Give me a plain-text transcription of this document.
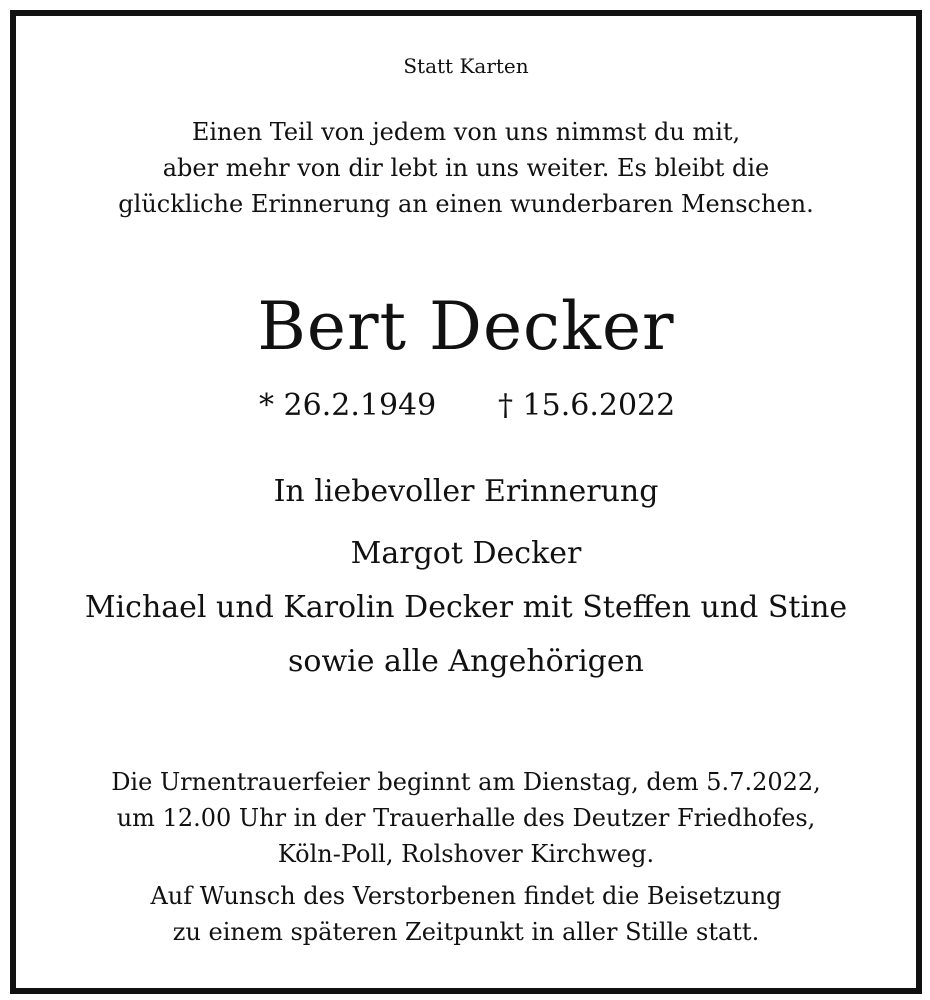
Statt Karten
Einen Teil von jedem von uns nimmst du mit,
aber mehr von dir lebt in uns weiter. Es bleibt die
glückliche Erinnerung an einen wunderbaren Menschen.
Bert Decker
* 26.2.1949 † 15.6.2022
In liebevoller Erinnerung
Margot Decker
Michael und Karolin Decker mit Steffen und Stine
sowie alle Angehörigen
Die Urnentrauerfeier beginnt am Dienstag, dem 5.7.2022,
um 12.00 Uhr in der Trauerhalle des Deutzer Friedhofes,
Köln-Poll, Rolshover Kirchweg.
Auf Wunsch des Verstorbenen findet die Beisetzung
zu einem späteren Zeitpunkt in aller Stille statt.
